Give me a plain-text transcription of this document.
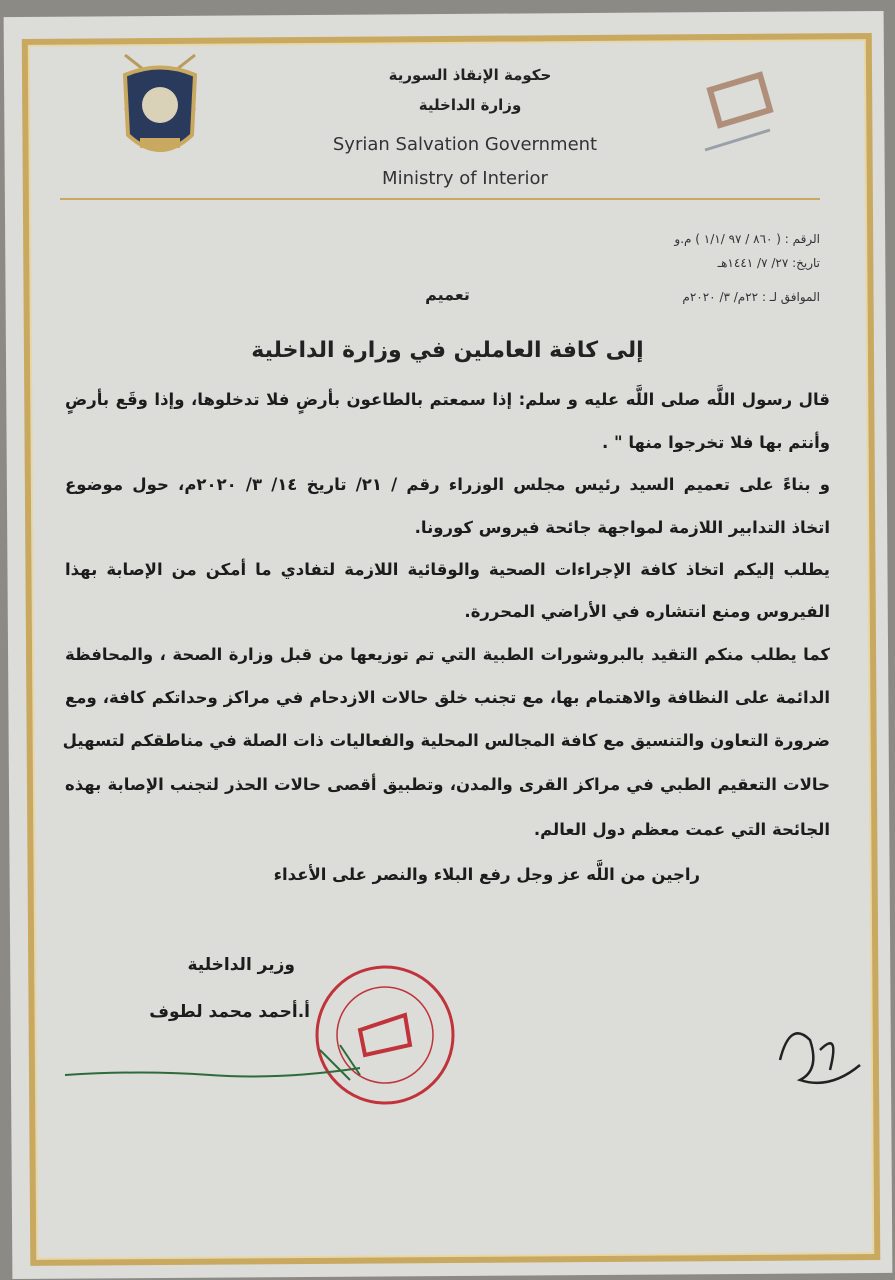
حكومة الإنقاذ السورية
وزارة الداخلية
Syrian Salvation Government
Ministry of Interior
الرقم : ( ٨٦٠ / ٩٧ /١/١ ) م.و
تاريخ: ٢٧/ ٧/ ١٤٤١هـ
الموافق لـ : ٢٢م/ ٣/ ٢٠٢٠م
تعميم
إلى كافة العاملين في وزارة الداخلية
قال رسول اللَّه صلى اللَّه عليه و سلم: إذا سمعتم بالطاعون بأرضٍ فلا تدخلوها، وإذا وقَع بأرضٍ
وأنتم بها فلا تخرجوا منها " .
و بناءً على تعميم السيد رئيس مجلس الوزراء رقم / ٢١/ تاريخ ١٤/ ٣/ ٢٠٢٠م، حول موضوع
اتخاذ التدابير اللازمة لمواجهة جائحة فيروس كورونا.
يطلب إليكم اتخاذ كافة الإجراءات الصحية والوقائية اللازمة لتفادي ما أمكن من الإصابة بهذا
الفيروس ومنع انتشاره في الأراضي المحررة.
كما يطلب منكم التقيد بالبروشورات الطبية التي تم توزيعها من قبل وزارة الصحة ، والمحافظة
الدائمة على النظافة والاهتمام بها، مع تجنب خلق حالات الازدحام في مراكز وحداتكم كافة، ومع
ضرورة التعاون والتنسيق مع كافة المجالس المحلية والفعاليات ذات الصلة في مناطقكم لتسهيل
حالات التعقيم الطبي في مراكز القرى والمدن، وتطبيق أقصى حالات الحذر لتجنب الإصابة بهذه
الجائحة التي عمت معظم دول العالم.
راجين من اللَّه عز وجل رفع البلاء والنصر على الأعداء
وزير الداخلية
أ.أحمد محمد لطوف
